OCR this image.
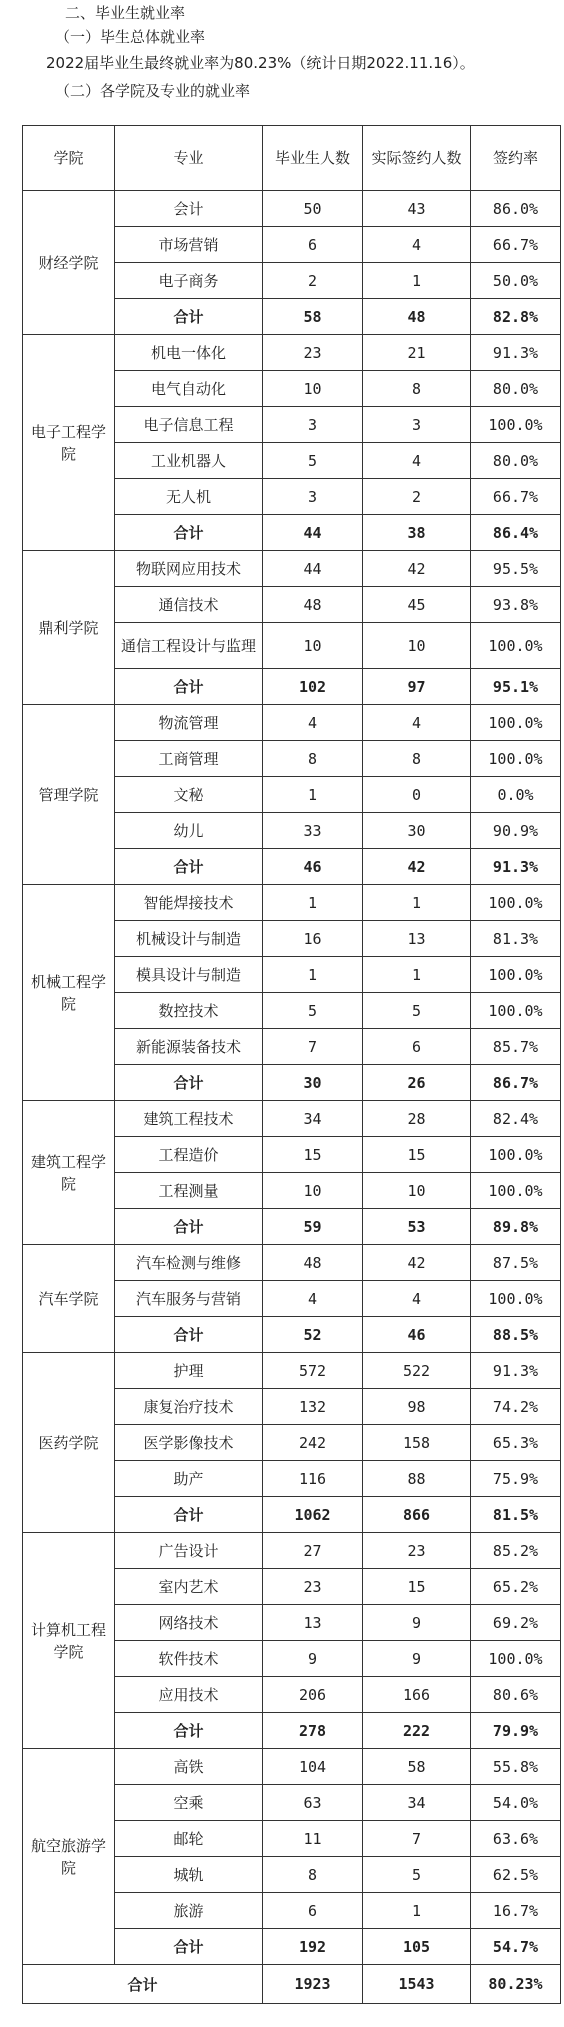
二、毕业生就业率
（一）毕生总体就业率
2022届毕业生最终就业率为80.23%（统计日期2022.11.16）。
（二）各学院及专业的就业率
学院	专业	毕业生人数	实际签约人数	签约率
财经学院	会计	50	43	86.0%
	市场营销	6	4	66.7%
	电子商务	2	1	50.0%
	合计	58	48	82.8%
电子工程学院	机电一体化	23	21	91.3%
	电气自动化	10	8	80.0%
	电子信息工程	3	3	100.0%
	工业机器人	5	4	80.0%
	无人机	3	2	66.7%
	合计	44	38	86.4%
鼎利学院	物联网应用技术	44	42	95.5%
	通信技术	48	45	93.8%
	通信工程设计与监理	10	10	100.0%
	合计	102	97	95.1%
管理学院	物流管理	4	4	100.0%
	工商管理	8	8	100.0%
	文秘	1	0	0.0%
	幼儿	33	30	90.9%
	合计	46	42	91.3%
机械工程学院	智能焊接技术	1	1	100.0%
	机械设计与制造	16	13	81.3%
	模具设计与制造	1	1	100.0%
	数控技术	5	5	100.0%
	新能源装备技术	7	6	85.7%
	合计	30	26	86.7%
建筑工程学院	建筑工程技术	34	28	82.4%
	工程造价	15	15	100.0%
	工程测量	10	10	100.0%
	合计	59	53	89.8%
汽车学院	汽车检测与维修	48	42	87.5%
	汽车服务与营销	4	4	100.0%
	合计	52	46	88.5%
医药学院	护理	572	522	91.3%
	康复治疗技术	132	98	74.2%
	医学影像技术	242	158	65.3%
	助产	116	88	75.9%
	合计	1062	866	81.5%
计算机工程学院	广告设计	27	23	85.2%
	室内艺术	23	15	65.2%
	网络技术	13	9	69.2%
	软件技术	9	9	100.0%
	应用技术	206	166	80.6%
	合计	278	222	79.9%
航空旅游学院	高铁	104	58	55.8%
	空乘	63	34	54.0%
	邮轮	11	7	63.6%
	城轨	8	5	62.5%
	旅游	6	1	16.7%
	合计	192	105	54.7%
合计		1923	1543	80.23%
